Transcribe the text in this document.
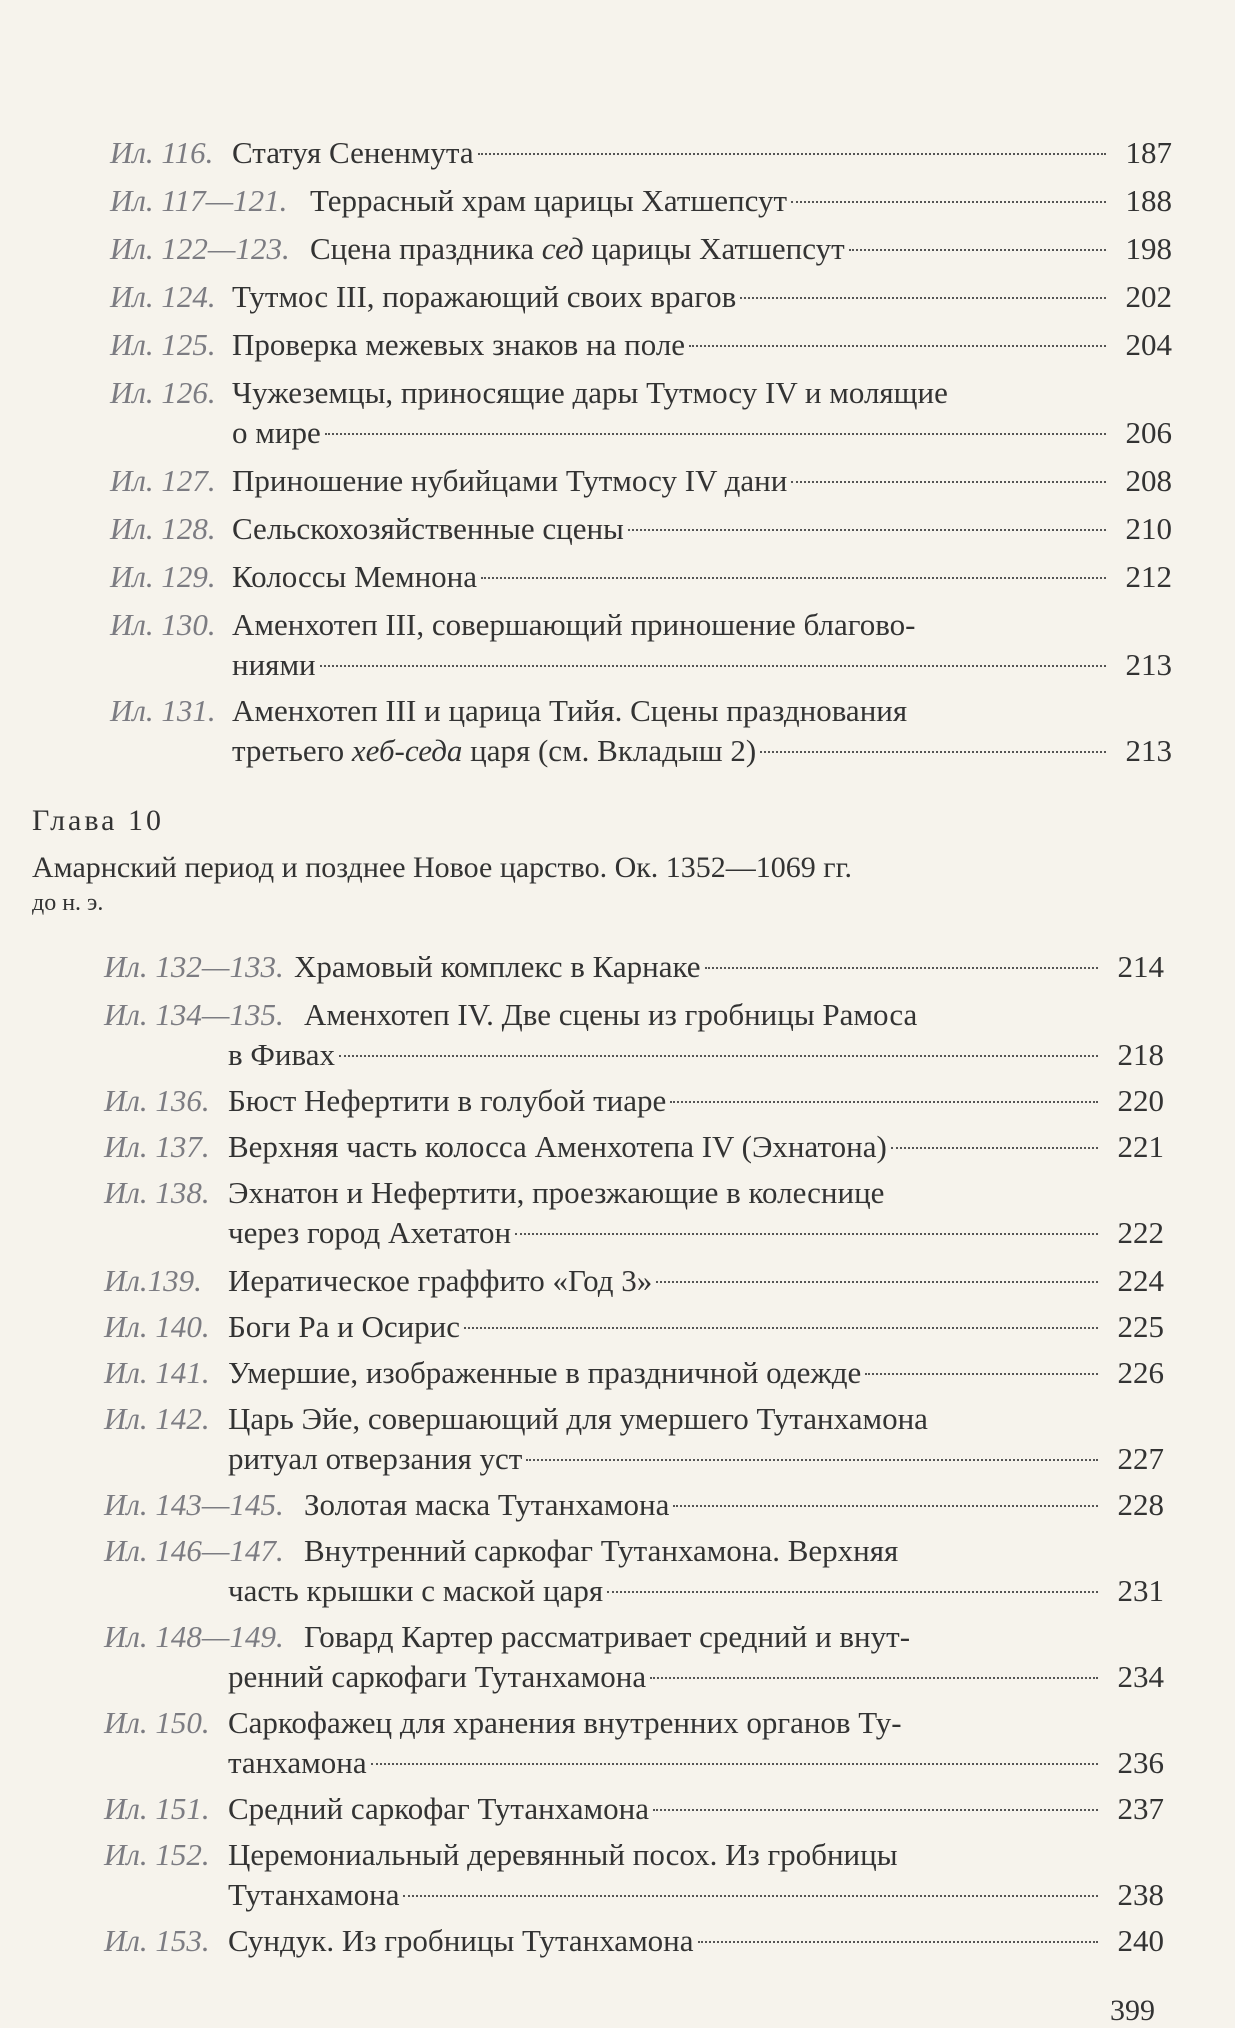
Ил. 116. Статуя Сененмута	187
Ил. 117—121. Террасный храм царицы Хатшепсут	188
Ил. 122—123. Сцена праздника сед царицы Хатшепсут	198
Ил. 124. Тутмос III, поражающий своих врагов	202
Ил. 125. Проверка межевых знаков на поле	204
Ил. 126. Чужеземцы, приносящие дары Тутмосу IV и молящие
о мире	206
Ил. 127. Приношение нубийцами Тутмосу IV дани	208
Ил. 128. Сельскохозяйственные сцены	210
Ил. 129. Колоссы Мемнона	212
Ил. 130. Аменхотеп III, совершающий приношение благово-
ниями	213
Ил. 131. Аменхотеп III и царица Тийя. Сцены празднования
третьего хеб-седа царя (см. Вкладыш 2)	213
Глава 10
Амарнский период и позднее Новое царство. Ок. 1352—1069 гг.
до н. э.
Ил. 132—133. Храмовый комплекс в Карнаке	214
Ил. 134—135. Аменхотеп IV. Две сцены из гробницы Рамоса
в Фивах	218
Ил. 136. Бюст Нефертити в голубой тиаре	220
Ил. 137. Верхняя часть колосса Аменхотепа IV (Эхнатона)	221
Ил. 138. Эхнатон и Нефертити, проезжающие в колеснице
через город Ахетатон	222
Ил.139. Иератическое граффито «Год 3»	224
Ил. 140. Боги Ра и Осирис	225
Ил. 141. Умершие, изображенные в праздничной одежде	226
Ил. 142. Царь Эйе, совершающий для умершего Тутанхамона
ритуал отверзания уст	227
Ил. 143—145. Золотая маска Тутанхамона	228
Ил. 146—147. Внутренний саркофаг Тутанхамона. Верхняя
часть крышки с маской царя	231
Ил. 148—149. Говард Картер рассматривает средний и внут-
ренний саркофаги Тутанхамона	234
Ил. 150. Саркофажец для хранения внутренних органов Ту-
танхамона	236
Ил. 151. Средний саркофаг Тутанхамона	237
Ил. 152. Церемониальный деревянный посох. Из гробницы
Тутанхамона	238
Ил. 153. Сундук. Из гробницы Тутанхамона	240
399
